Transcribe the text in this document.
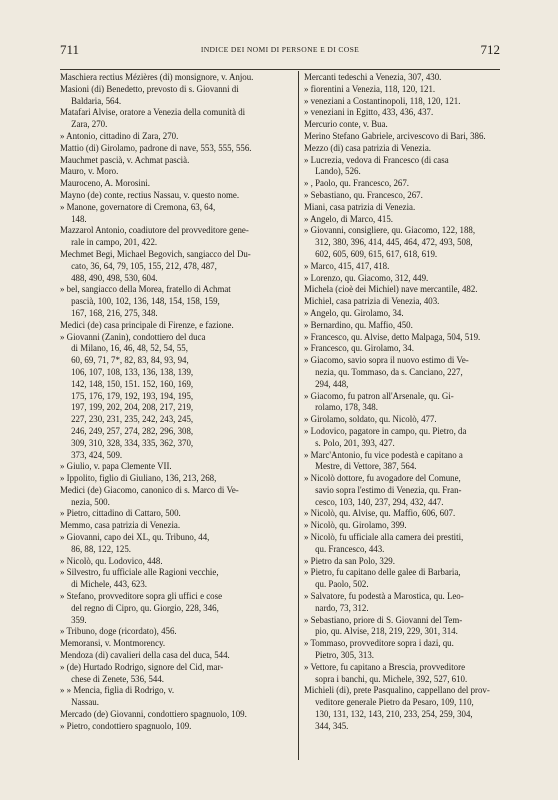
711	INDICE DEI NOMI DI PERSONE E DI COSE	712
Maschiera rectius Mézières (di) monsignore, v. Anjou.
Masioni (di) Benedetto, prevosto di s. Giovanni di
Baldaria, 564.
Matafari Alvise, oratore a Venezia della comunità di
Zara, 270.
» Antonio, cittadino di Zara, 270.
Mattio (di) Girolamo, padrone di nave, 553, 555, 556.
Mauchmet pascià, v. Achmat pascià.
Mauro, v. Moro.
Mauroceno, A. Morosini.
Mayno (de) conte, rectius Nassau, v. questo nome.
» Manone, governatore di Cremona, 63, 64,
148.
Mazzarol Antonio, coadiutore del provveditore gene-
rale in campo, 201, 422.
Mechmet Begi, Michael Begovich, sangiacco del Du-
cato, 36, 64, 79, 105, 155, 212, 478, 487,
488, 490, 498, 530, 604.
» bel, sangiacco della Morea, fratello di Achmat
pascià, 100, 102, 136, 148, 154, 158, 159,
167, 168, 216, 275, 348.
Medici (de) casa principale di Firenze, e fazione.
» Giovanni (Zanin), condottiero del duca
di Milano, 16, 46, 48, 52, 54, 55,
60, 69, 71, 7*, 82, 83, 84, 93, 94,
106, 107, 108, 133, 136, 138, 139,
142, 148, 150, 151. 152, 160, 169,
175, 176, 179, 192, 193, 194, 195,
197, 199, 202, 204, 208, 217, 219,
227, 230, 231, 235, 242, 243, 245,
246, 249, 257, 274, 282, 296, 308,
309, 310, 328, 334, 335, 362, 370,
373, 424, 509.
» Giulio, v. papa Clemente VII.
» Ippolito, figlio di Giuliano, 136, 213, 268,
Medici (de) Giacomo, canonico di s. Marco di Ve-
nezia, 500.
» Pietro, cittadino di Cattaro, 500.
Memmo, casa patrizia di Venezia.
» Giovanni, capo dei XL, qu. Tribuno, 44,
86, 88, 122, 125.
» Nicolò, qu. Lodovico, 448.
» Silvestro, fu ufficiale alle Ragioni vecchie,
di Michele, 443, 623.
» Stefano, provveditore sopra gli uffici e cose
del regno di Cipro, qu. Giorgio, 228, 346,
359.
» Tribuno, doge (ricordato), 456.
Memoransi, v. Montmorency.
Mendoza (di) cavalieri della casa del duca, 544.
» (de) Hurtado Rodrigo, signore del Cid, mar-
chese di Zenete, 536, 544.
» » Mencia, figlia di Rodrigo, v.
Nassau.
Mercado (de) Giovanni, condottiero spagnuolo, 109.
» Pietro, condottiero spagnuolo, 109.
Mercanti tedeschi a Venezia, 307, 430.
» fiorentini a Venezia, 118, 120, 121.
» veneziani a Costantinopoli, 118, 120, 121.
» veneziani in Egitto, 433, 436, 437.
Mercurio conte, v. Bua.
Merino Stefano Gabriele, arcivescovo di Bari, 386.
Mezzo (di) casa patrizia di Venezia.
» Lucrezia, vedova di Francesco (di casa
Lando), 526.
» , Paolo, qu. Francesco, 267.
» Sebastiano, qu. Francesco, 267.
Miani, casa patrizia di Venezia.
» Angelo, di Marco, 415.
» Giovanni, consigliere, qu. Giacomo, 122, 188,
312, 380, 396, 414, 445, 464, 472, 493, 508,
602, 605, 609, 615, 617, 618, 619.
» Marco, 415, 417, 418.
» Lorenzo, qu. Giacomo, 312, 449.
Michela (cioè dei Michiel) nave mercantile, 482.
Michiel, casa patrizia di Venezia, 403.
» Angelo, qu. Girolamo, 34.
» Bernardino, qu. Maffio, 450.
» Francesco, qu. Alvise, detto Malpaga, 504, 519.
» Francesco, qu. Girolamo, 34.
» Giacomo, savio sopra il nuovo estimo di Ve-
nezia, qu. Tommaso, da s. Canciano, 227,
294, 448,
» Giacomo, fu patron all'Arsenale, qu. Gi-
rolamo, 178, 348.
» Girolamo, soldato, qu. Nicolò, 477.
» Lodovico, pagatore in campo, qu. Pietro, da
s. Polo, 201, 393, 427.
» Marc'Antonio, fu vice podestà e capitano a
Mestre, di Vettore, 387, 564.
» Nicolò dottore, fu avogadore del Comune,
savio sopra l'estimo di Venezia, qu. Fran-
cesco, 103, 140, 237, 294, 432, 447.
» Nicolò, qu. Alvise, qu. Maffio, 606, 607.
» Nicolò, qu. Girolamo, 399.
» Nicolò, fu ufficiale alla camera dei prestiti,
qu. Francesco, 443.
» Pietro da san Polo, 329.
» Pietro, fu capitano delle galee di Barbaria,
qu. Paolo, 502.
» Salvatore, fu podestà a Marostica, qu. Leo-
nardo, 73, 312.
» Sebastiano, priore di S. Giovanni del Tem-
pio, qu. Alvise, 218, 219, 229, 301, 314.
» Tommaso, provveditore sopra i dazi, qu.
Pietro, 305, 313.
» Vettore, fu capitano a Brescia, provveditore
sopra i banchi, qu. Michele, 392, 527, 610.
Michieli (di), prete Pasqualino, cappellano del prov-
veditore generale Pietro da Pesaro, 109, 110,
130, 131, 132, 143, 210, 233, 254, 259, 304,
344, 345.
